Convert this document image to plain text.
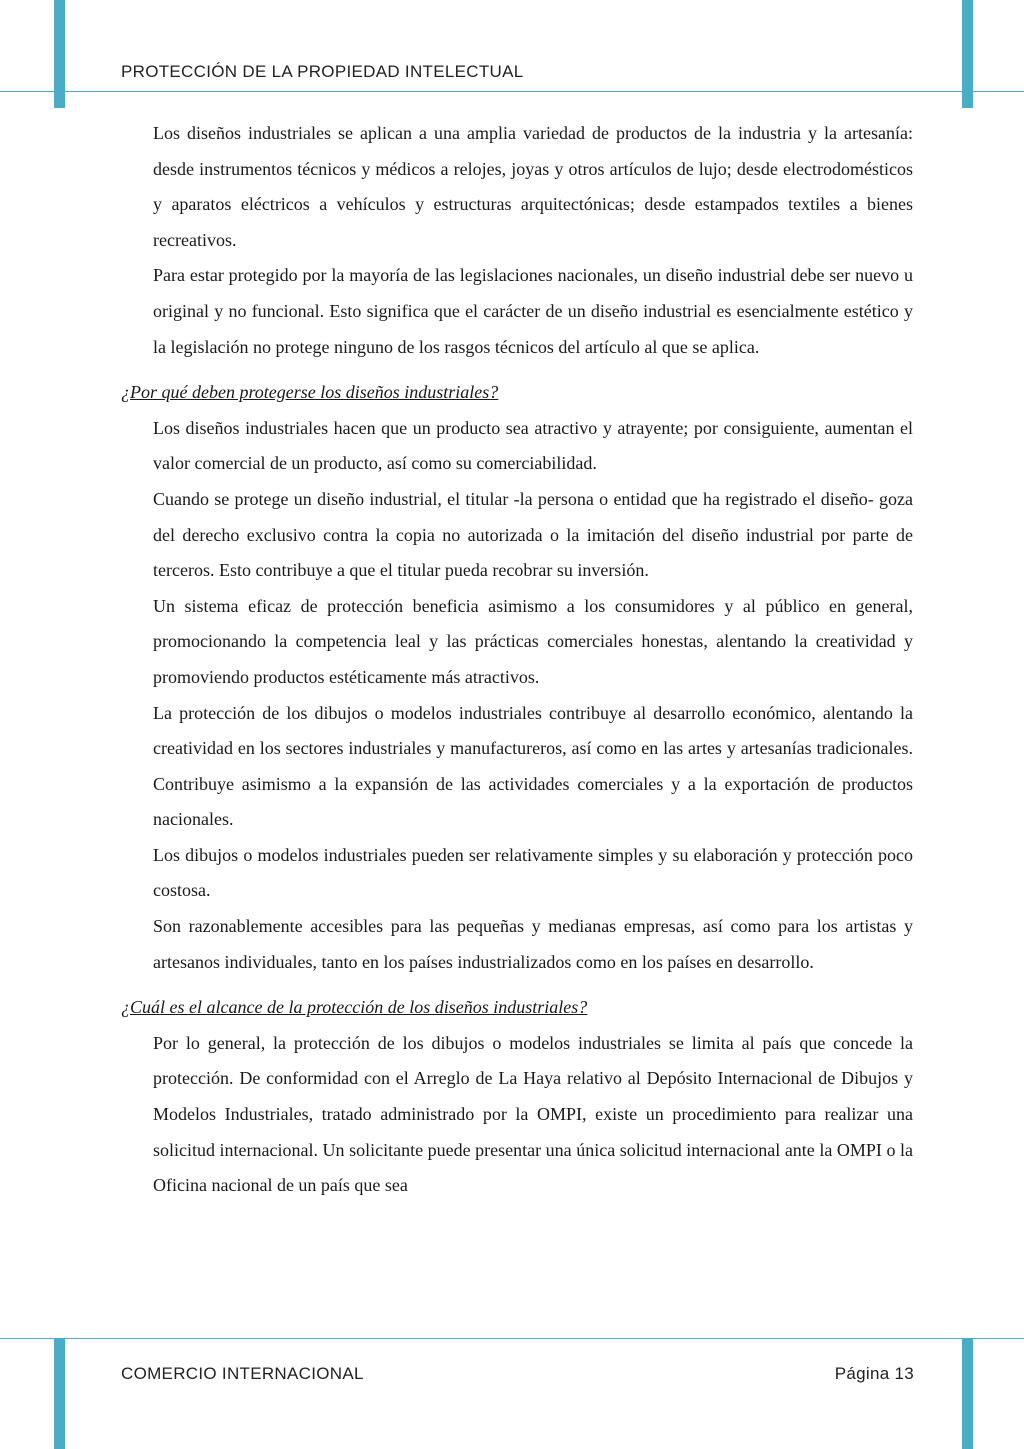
PROTECCIÓN DE LA PROPIEDAD INTELECTUAL

Los diseños industriales se aplican a una amplia variedad de productos de la industria y la artesanía: desde instrumentos técnicos y médicos a relojes, joyas y otros artículos de lujo; desde electrodomésticos y aparatos eléctricos a vehículos y estructuras arquitectónicas; desde estampados textiles a bienes recreativos.

Para estar protegido por la mayoría de las legislaciones nacionales, un diseño industrial debe ser nuevo u original y no funcional. Esto significa que el carácter de un diseño industrial es esencialmente estético y la legislación no protege ninguno de los rasgos técnicos del artículo al que se aplica.

¿Por qué deben protegerse los diseños industriales?

Los diseños industriales hacen que un producto sea atractivo y atrayente; por consiguiente, aumentan el valor comercial de un producto, así como su comerciabilidad.

Cuando se protege un diseño industrial, el titular -la persona o entidad que ha registrado el diseño- goza del derecho exclusivo contra la copia no autorizada o la imitación del diseño industrial por parte de terceros. Esto contribuye a que el titular pueda recobrar su inversión.

Un sistema eficaz de protección beneficia asimismo a los consumidores y al público en general, promocionando la competencia leal y las prácticas comerciales honestas, alentando la creatividad y promoviendo productos estéticamente más atractivos.

La protección de los dibujos o modelos industriales contribuye al desarrollo económico, alentando la creatividad en los sectores industriales y manufactureros, así como en las artes y artesanías tradicionales. Contribuye asimismo a la expansión de las actividades comerciales y a la exportación de productos nacionales.

Los dibujos o modelos industriales pueden ser relativamente simples y su elaboración y protección poco costosa.

Son razonablemente accesibles para las pequeñas y medianas empresas, así como para los artistas y artesanos individuales, tanto en los países industrializados como en los países en desarrollo.

¿Cuál es el alcance de la protección de los diseños industriales?

Por lo general, la protección de los dibujos o modelos industriales se limita al país que concede la protección. De conformidad con el Arreglo de La Haya relativo al Depósito Internacional de Dibujos y Modelos Industriales, tratado administrado por la OMPI, existe un procedimiento para realizar una solicitud internacional. Un solicitante puede presentar una única solicitud internacional ante la OMPI o la Oficina nacional de un país que sea

COMERCIO INTERNACIONAL	Página 13
